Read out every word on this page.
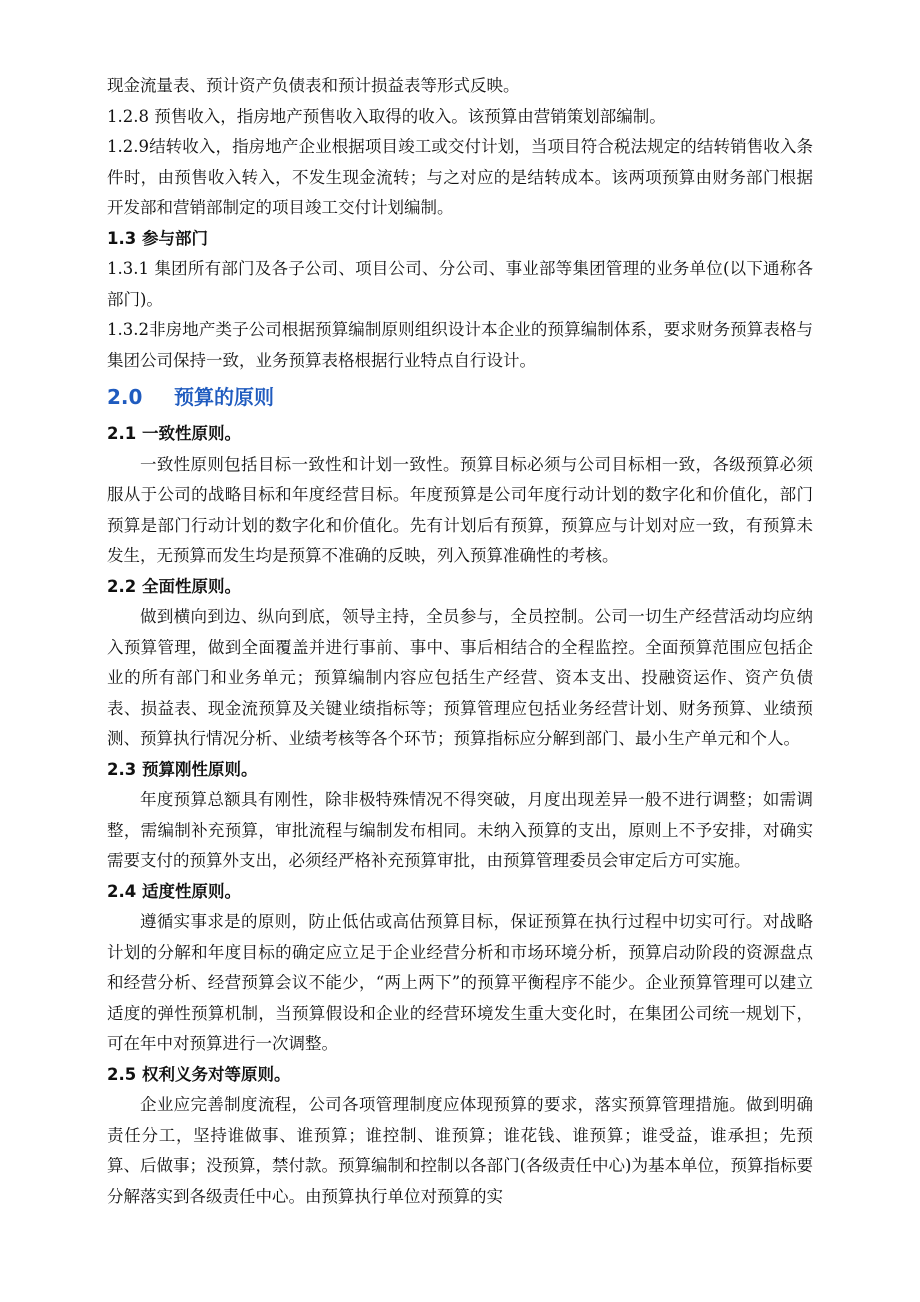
现金流量表、预计资产负债表和预计损益表等形式反映。

1.2.8 预售收入，指房地产预售收入取得的收入。该预算由营销策划部编制。

1.2.9结转收入，指房地产企业根据项目竣工或交付计划，当项目符合税法规定的结转销售收入条件时，由预售收入转入，不发生现金流转；与之对应的是结转成本。该两项预算由财务部门根据开发部和营销部制定的项目竣工交付计划编制。

1.3 参与部门

1.3.1 集团所有部门及各子公司、项目公司、分公司、事业部等集团管理的业务单位(以下通称各部门)。

1.3.2非房地产类子公司根据预算编制原则组织设计本企业的预算编制体系，要求财务预算表格与集团公司保持一致，业务预算表格根据行业特点自行设计。

2.0 预算的原则

2.1 一致性原则。

一致性原则包括目标一致性和计划一致性。预算目标必须与公司目标相一致，各级预算必须服从于公司的战略目标和年度经营目标。年度预算是公司年度行动计划的数字化和价值化，部门预算是部门行动计划的数字化和价值化。先有计划后有预算，预算应与计划对应一致，有预算未发生，无预算而发生均是预算不准确的反映，列入预算准确性的考核。

2.2 全面性原则。

做到横向到边、纵向到底，领导主持，全员参与，全员控制。公司一切生产经营活动均应纳入预算管理，做到全面覆盖并进行事前、事中、事后相结合的全程监控。全面预算范围应包括企业的所有部门和业务单元；预算编制内容应包括生产经营、资本支出、投融资运作、资产负债表、损益表、现金流预算及关键业绩指标等；预算管理应包括业务经营计划、财务预算、业绩预测、预算执行情况分析、业绩考核等各个环节；预算指标应分解到部门、最小生产单元和个人。

2.3 预算刚性原则。

年度预算总额具有刚性，除非极特殊情况不得突破，月度出现差异一般不进行调整；如需调整，需编制补充预算，审批流程与编制发布相同。未纳入预算的支出，原则上不予安排，对确实需要支付的预算外支出，必须经严格补充预算审批，由预算管理委员会审定后方可实施。

2.4 适度性原则。

遵循实事求是的原则，防止低估或高估预算目标，保证预算在执行过程中切实可行。对战略计划的分解和年度目标的确定应立足于企业经营分析和市场环境分析，预算启动阶段的资源盘点和经营分析、经营预算会议不能少，“两上两下”的预算平衡程序不能少。企业预算管理可以建立适度的弹性预算机制，当预算假设和企业的经营环境发生重大变化时，在集团公司统一规划下，可在年中对预算进行一次调整。

2.5 权利义务对等原则。

企业应完善制度流程，公司各项管理制度应体现预算的要求，落实预算管理措施。做到明确责任分工，坚持谁做事、谁预算；谁控制、谁预算；谁花钱、谁预算；谁受益，谁承担；先预算、后做事；没预算，禁付款。预算编制和控制以各部门(各级责任中心)为基本单位，预算指标要分解落实到各级责任中心。由预算执行单位对预算的实
